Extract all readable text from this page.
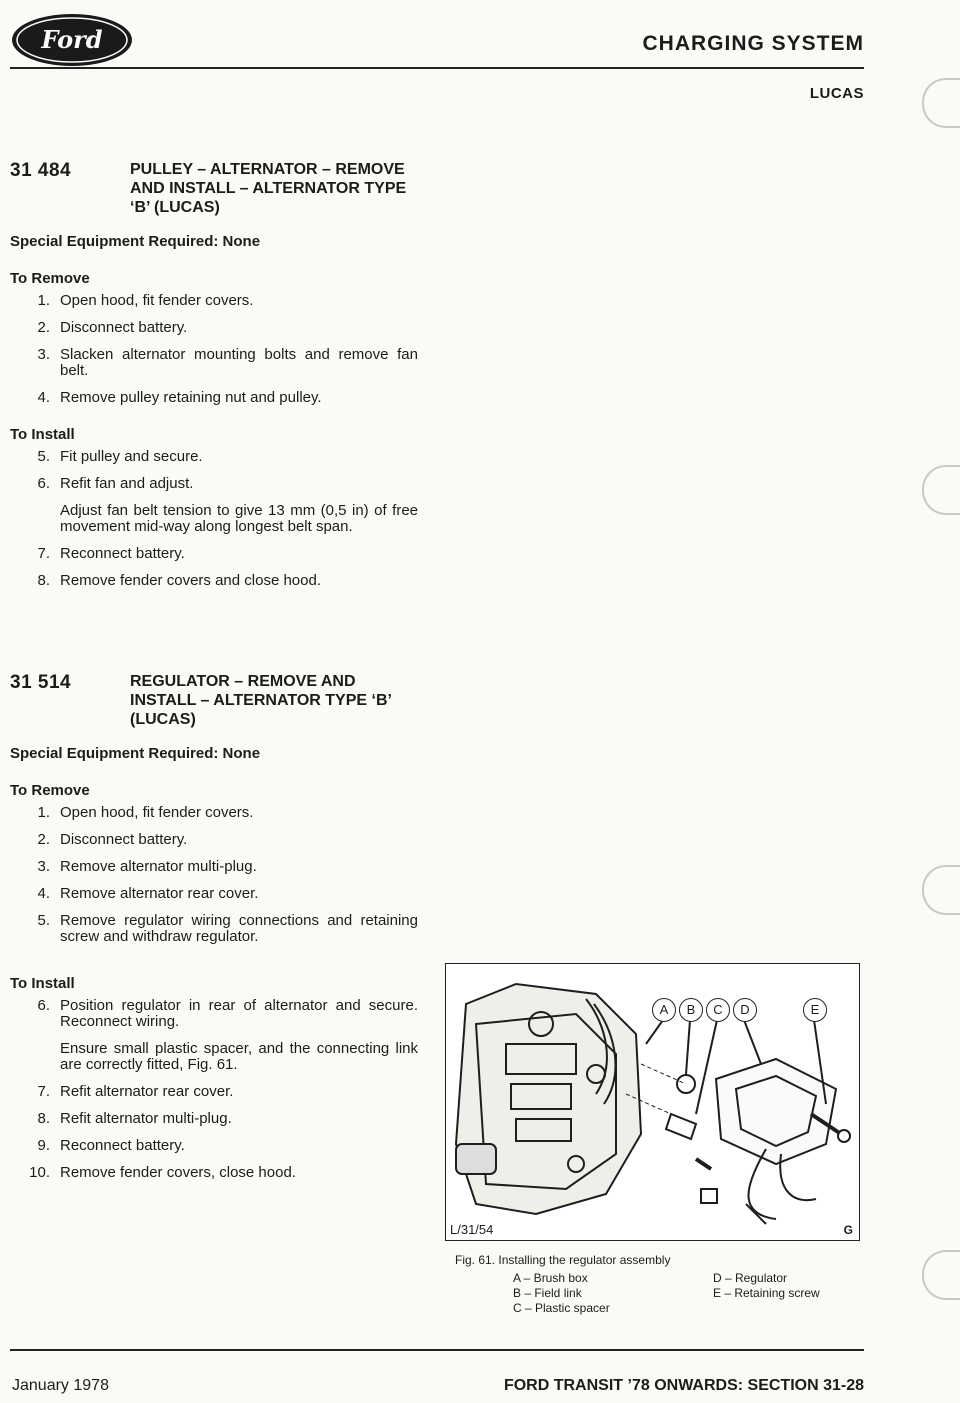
Ford	CHARGING SYSTEM
LUCAS
31 484	PULLEY – ALTERNATOR – REMOVE AND INSTALL – ALTERNATOR TYPE ‘B’ (LUCAS)
Special Equipment Required: None
To Remove
1. Open hood, fit fender covers.
2. Disconnect battery.
3. Slacken alternator mounting bolts and remove fan belt.
4. Remove pulley retaining nut and pulley.
To Install
5. Fit pulley and secure.
6. Refit fan and adjust.
Adjust fan belt tension to give 13 mm (0,5 in) of free movement mid-way along longest belt span.
7. Reconnect battery.
8. Remove fender covers and close hood.
31 514	REGULATOR – REMOVE AND INSTALL – ALTERNATOR TYPE ‘B’ (LUCAS)
Special Equipment Required: None
To Remove
1. Open hood, fit fender covers.
2. Disconnect battery.
3. Remove alternator multi-plug.
4. Remove alternator rear cover.
5. Remove regulator wiring connections and retaining screw and withdraw regulator.
To Install
6. Position regulator in rear of alternator and secure. Reconnect wiring.
Ensure small plastic spacer, and the connecting link are correctly fitted, Fig. 61.
7. Refit alternator rear cover.
8. Refit alternator multi-plug.
9. Reconnect battery.
10. Remove fender covers, close hood.
A	B	C	D	E
L/31/54	G
Fig. 61. Installing the regulator assembly
A – Brush box	D – Regulator
B – Field link	E – Retaining screw
C – Plastic spacer
January 1978	FORD TRANSIT ’78 ONWARDS: SECTION 31-28
